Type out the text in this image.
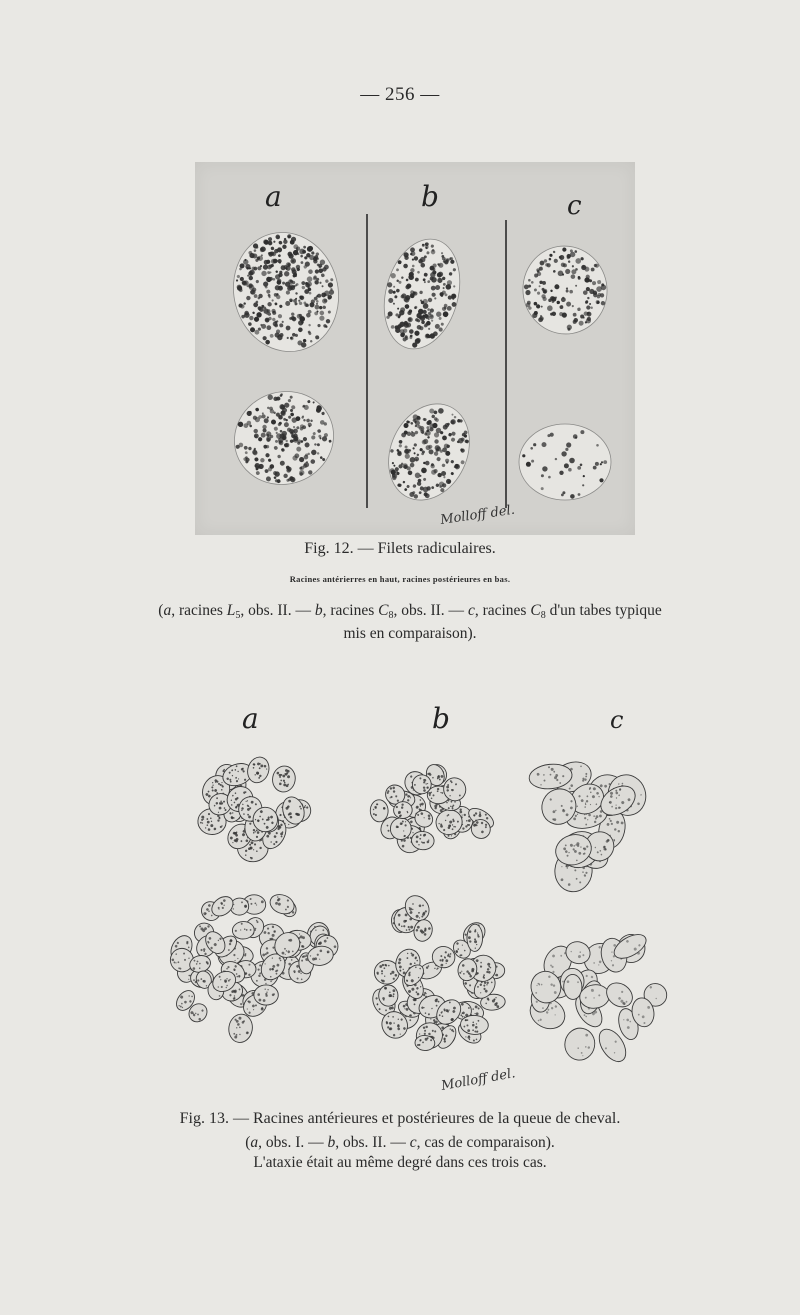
— 256 —
a	b	c
Molloff del.
Fig. 12. — Filets radiculaires.
Racines antérierres en haut, racines postérieures en bas.
(a, racines $L_5$, obs. II. — b, racines $C_8$, obs. II. — c, racines $C_8$ d'un tabes typique
mis en comparaison).
a	b	c
Molloff del.
Fig. 13. — Racines antérieures et postérieures de la queue de cheval.
(a, obs. I. — b, obs. II. — c, cas de comparaison).
L'ataxie était au même degré dans ces trois cas.
